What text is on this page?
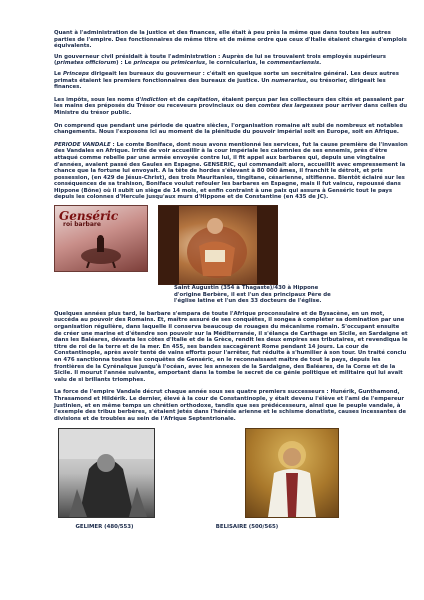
Quant à l'administration de la justice et des finances, elle était à peu près la même que dans toutes les autres parties de l'empire. Des fonctionnaires de même titre et de même ordre que ceux d'Italie étaient chargés d'emplois équivalents.

Un gouverneur civil présidait à toute l'administration : Auprès de lui se trouvaient trois employés supérieurs (primates officiorum) : Le princeps ou primicerius, le cornicularius, le commentariensis.

Le Princeps dirigeait les bureaux du gouverneur : c'était en quelque sorte un secrétaire général. Les deux autres primats étaient les premiers fonctionnaires des bureaux de justice. Un numerarius, ou trésorier, dirigeait les finances.

Les impôts, sous les noms d'indiction et de capitation, étaient perçus par les collecteurs des cités et passaient par les mains des préposés du Trésor ou receveurs provinciaux ou des comtes des largesses pour arriver dans celles du Ministre du trésor public.

On comprend que pendant une période de quatre siècles, l'organisation romaine ait subi de nombreux et notables changements. Nous l'exposons ici au moment de la plénitude du pouvoir impérial soit en Europe, soit en Afrique.

PERIODE VANDALE : Le comte Boniface, dont nous avons mentionné les services, fut la cause première de l'invasion des Vandales en Afrique. Irrité de voir accueillir à la cour impériale les calomnies de ses ennemis, près d'être attaqué comme rebelle par une armée envoyée contre lui, il fit appel aux barbares qui, depuis une vingtaine d'années, avaient passé des Gaules en Espagne. GENSERIC, qui commandait alors, accueillit avec empressement la chance que la fortune lui envoyait. A la tête de hordes s'élevant à 80 000 âmes, il franchit le détroit, et pris possession, (en 429 de Jésus-Christ), des trois Mauritanies, tingitane, césarienne, sitifienne. Bientôt éclairé sur les conséquences de sa trahison, Boniface voulut refouler les barbares en Espagne, mais il fut vaincu, repoussé dans Hippone (Bône) où il subit un siège de 14 mois, et enfin contraint à une paix qui assura à Genséric tout le pays depuis les colonnes d'Hercule jusqu'aux murs d'Hippone et de Constantine (en 435 de JC).

Genséric
roi barbare

Saint Augustin (354 à Thagaste)/430 à Hippone d'origine Berbère, il est l'un des principaux Père de l'église latine et l'un des 33 docteurs de l'église.

Quelques années plus tard, le barbare s'empara de toute l'Afrique proconsulaire et de Bysacène, en un mot, succéda au pouvoir des Romains. Et, maître assuré de ses conquêtes, il songea à compléter sa domination par une organisation régulière, dans laquelle il conserva beaucoup de rouages du mécanisme romain. S'occupant ensuite de créer une marine et d'étendre son pouvoir sur la Méditerranée, il s'élança de Carthage en Sicile, en Sardaigne et dans les Baléares, dévasta les côtes d'Italie et de la Grèce, rendit les deux empires ses tributaires, et revendiqua le titre de roi de la terre et de la mer. En 455, ses bandes saccagèrent Rome pendant 14 jours. La cour de Constantinople, après avoir tenté de vains efforts pour l'arrêter, fut réduite à s'humilier à son tour. Un traité conclu en 476 sanctionna toutes les conquêtes de Genséric, en le reconnaissant maître de tout le pays, depuis les frontières de la Cyrénaïque jusqu'à l'océan, avec les annexes de la Sardaigne, des Baléares, de la Corse et de la Sicile. Il mourut l'année suivante, emportant dans la tombe le secret de ce génie politique et militaire qui lui avait valu de si brillants triomphes.

La force de l'empire Vandale décrut chaque année sous ses quatre premiers successeurs : Hunérik, Gunthamond, Thrasamond et Hildérik. Le dernier, élevé à la cour de Constantinople, y était devenu l'élève et l'ami de l'empereur Justinien, et en même temps un chrétien orthodoxe, tandis que ses prédécesseurs, ainsi que le peuple vandale, à l'exemple des tribus berbères, s'étaient jetés dans l'hérésie arienne et le schisme donatiste, causes incessantes de divisions et de troubles au sein de l'Afrique Septentrionale.

GELIMER (480/553)	BELISAIRE (500/565)
